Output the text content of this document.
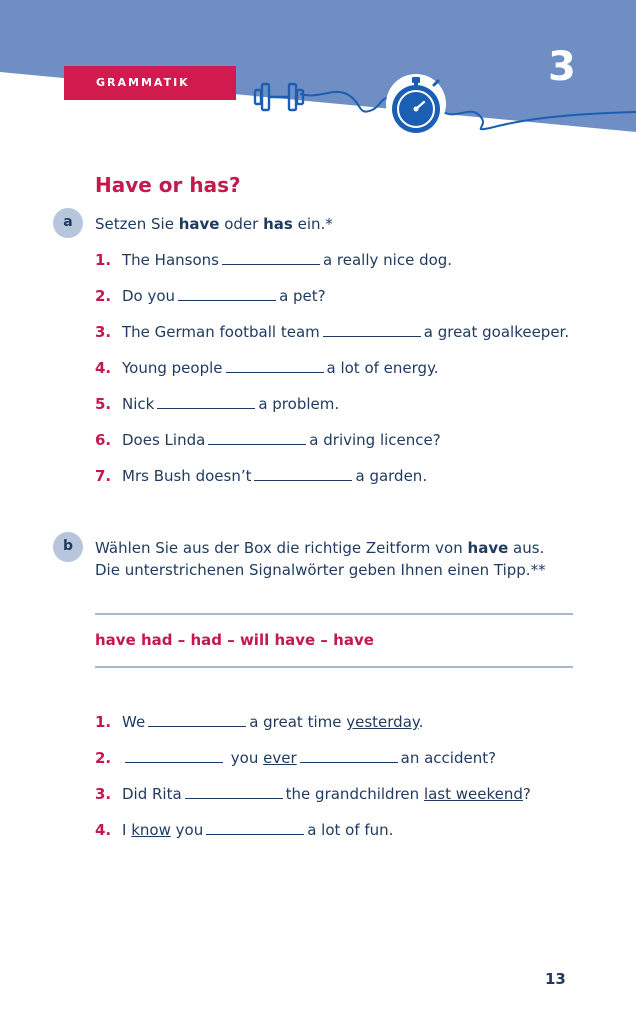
3
GRAMMATIK
Have or has?
a	Setzen Sie have oder has ein.*
1. The Hansons	a really nice dog.
2. Do you	a pet?
3. The German football team	a great goalkeeper.
4. Young people	a lot of energy.
5. Nick	a problem.
6. Does Linda	a driving licence?
7. Mrs Bush doesn’t	a garden.
b	Wählen Sie aus der Box die richtige Zeitform von have aus.
Die unterstrichenen Signalwörter geben Ihnen einen Tipp.**
have had – had – will have – have
1. We	a great time yesterday.
2.	you ever	an accident?
3. Did Rita	the grandchildren last weekend?
4. I know you	a lot of fun.
13
